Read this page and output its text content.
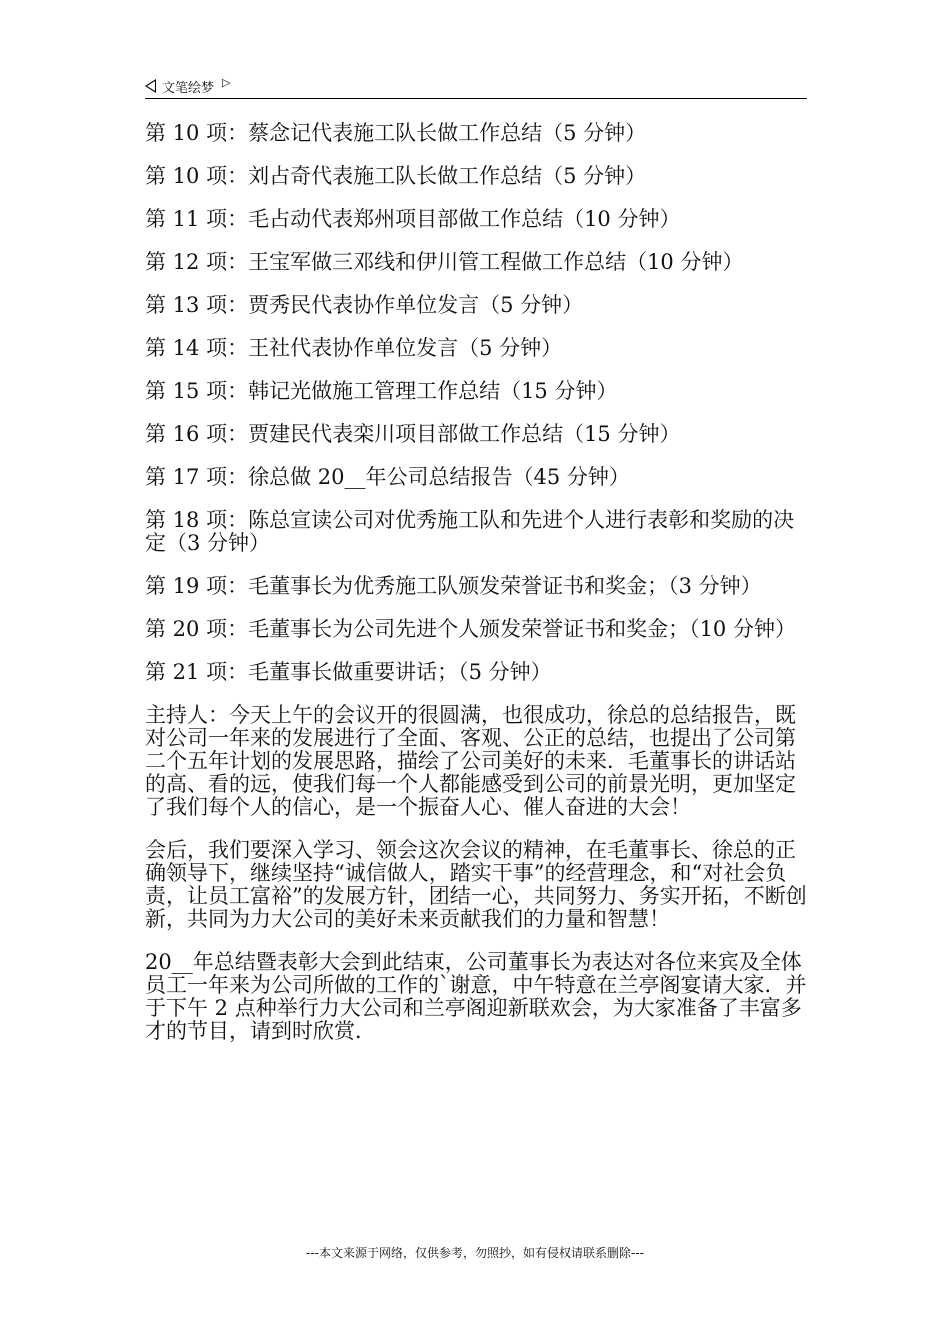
文笔绘梦 ▷
第 10 项：蔡念记代表施工队长做工作总结（5 分钟）
第 10 项：刘占奇代表施工队长做工作总结（5 分钟）
第 11 项：毛占动代表郑州项目部做工作总结（10 分钟）
第 12 项：王宝军做三邓线和伊川管工程做工作总结（10 分钟）
第 13 项：贾秀民代表协作单位发言（5 分钟）
第 14 项：王社代表协作单位发言（5 分钟）
第 15 项：韩记光做施工管理工作总结（15 分钟）
第 16 项：贾建民代表栾川项目部做工作总结（15 分钟）
第 17 项：徐总做 20__年公司总结报告（45 分钟）
第 18 项：陈总宣读公司对优秀施工队和先进个人进行表彰和奖励的决定（3 分钟）
第 19 项：毛董事长为优秀施工队颁发荣誉证书和奖金；（3 分钟）
第 20 项：毛董事长为公司先进个人颁发荣誉证书和奖金；（10 分钟）
第 21 项：毛董事长做重要讲话；（5 分钟）
主持人：今天上午的会议开的很圆满，也很成功，徐总的总结报告，既对公司一年来的发展进行了全面、客观、公正的总结，也提出了公司第二个五年计划的发展思路，描绘了公司美好的未来．毛董事长的讲话站的高、看的远，使我们每一个人都能感受到公司的前景光明，更加坚定了我们每个人的信心，是一个振奋人心、催人奋进的大会！
会后，我们要深入学习、领会这次会议的精神，在毛董事长、徐总的正确领导下，继续坚持“诚信做人，踏实干事”的经营理念，和“对社会负责，让员工富裕”的发展方针，团结一心，共同努力、务实开拓，不断创新，共同为力大公司的美好未来贡献我们的力量和智慧！
20__年总结暨表彰大会到此结束，公司董事长为表达对各位来宾及全体员工一年来为公司所做的工作的`谢意，中午特意在兰亭阁宴请大家．并于下午 2 点种举行力大公司和兰亭阁迎新联欢会，为大家准备了丰富多才的节目，请到时欣赏．
---本文来源于网络，仅供参考，勿照抄，如有侵权请联系删除---
